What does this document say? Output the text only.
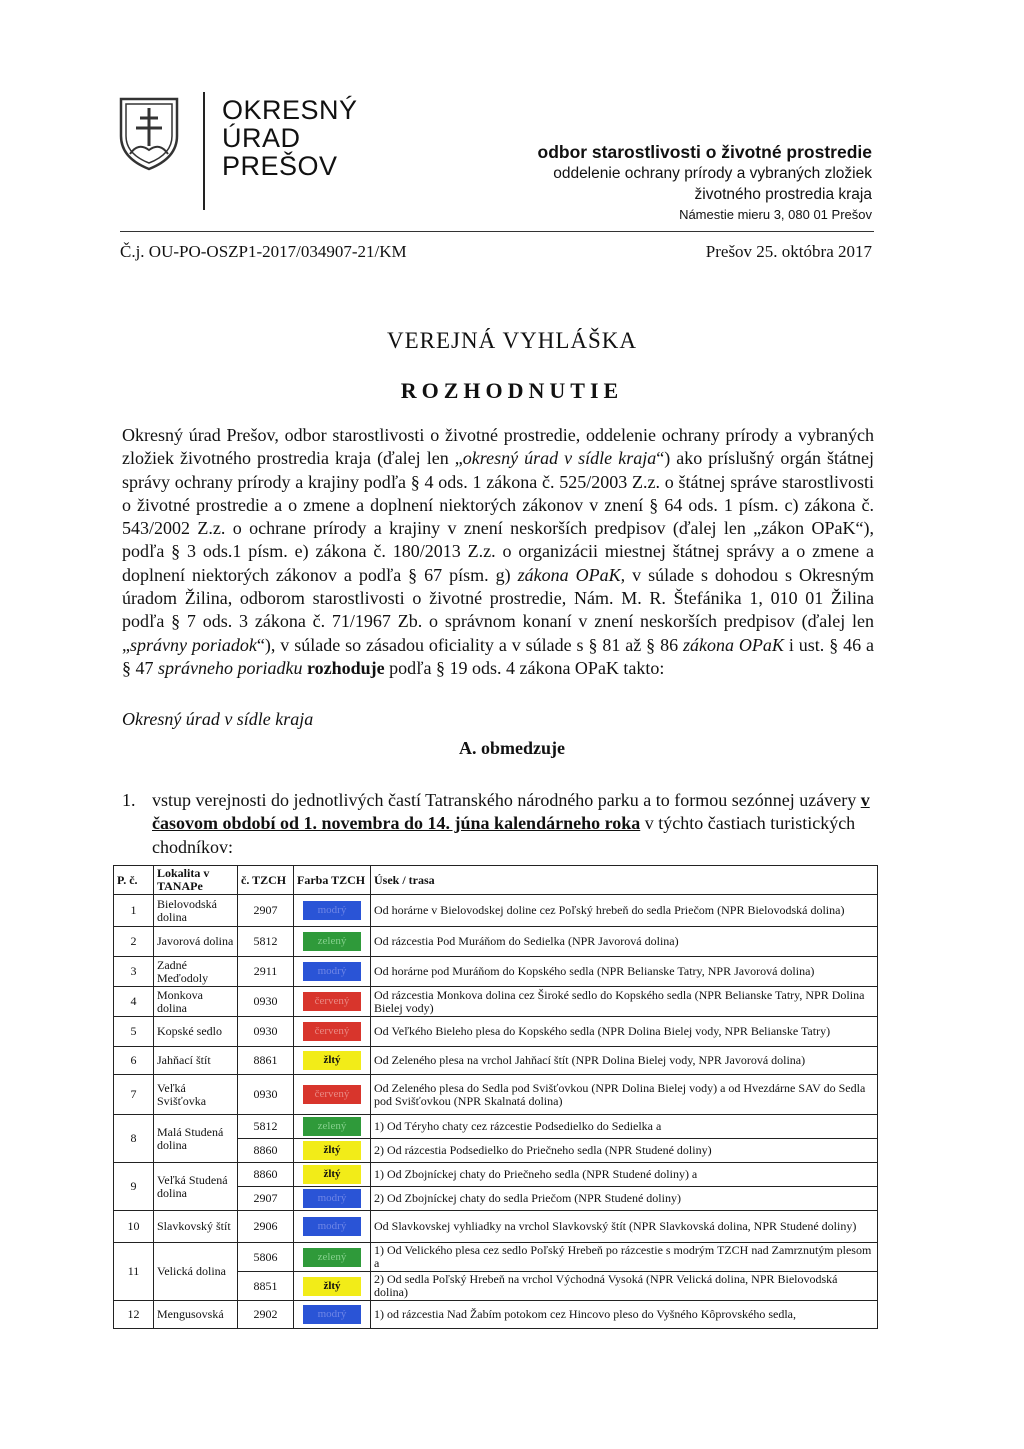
OKRESNÝ
ÚRAD
PREŠOV	odbor starostlivosti o životné prostredie
oddelenie ochrany prírody a vybraných zložiek
životného prostredia kraja
Námestie mieru 3, 080 01 Prešov
Č.j. OU-PO-OSZP1-2017/034907-21/KM	Prešov 25. októbra 2017
VEREJNÁ VYHLÁŠKA
ROZHODNUTIE
Okresný úrad Prešov, odbor starostlivosti o životné prostredie, oddelenie ochrany prírody a vybraných zložiek životného prostredia kraja (ďalej len „okresný úrad v sídle kraja“) ako príslušný orgán štátnej správy ochrany prírody a krajiny podľa § 4 ods. 1 zákona č. 525/2003 Z.z. o štátnej správe starostlivosti o životné prostredie a o zmene a doplnení niektorých zákonov v znení § 64 ods. 1 písm. c) zákona č. 543/2002 Z.z. o ochrane prírody a krajiny v znení neskorších predpisov (ďalej len „zákon OPaK“), podľa § 3 ods.1 písm. e) zákona č. 180/2013 Z.z. o organizácii miestnej štátnej správy a o zmene a doplnení niektorých zákonov a podľa § 67 písm. g) zákona OPaK, v súlade s dohodou s Okresným úradom Žilina, odborom starostlivosti o životné prostredie, Nám. M. R. Štefánika 1, 010 01 Žilina podľa § 7 ods. 3 zákona č. 71/1967 Zb. o správnom konaní v znení neskorších predpisov (ďalej len „správny poriadok“), v súlade so zásadou oficiality a v súlade s § 81 až § 86 zákona OPaK i ust. § 46 a § 47 správneho poriadku rozhoduje podľa § 19 ods. 4 zákona OPaK takto:
Okresný úrad v sídle kraja
A. obmedzuje
1. vstup verejnosti do jednotlivých častí Tatranského národného parku a to formou sezónnej uzávery v časovom období od 1. novembra do 14. júna kalendárneho roka v týchto častiach turistických chodníkov:
P. č.	Lokalita v TANAPe	č. TZCH	Farba TZCH	Úsek / trasa
1	Bielovodská dolina	2907	modrý	Od horárne v Bielovodskej doline cez Poľský hrebeň do sedla Priečom (NPR Bielovodská dolina)
2	Javorová dolina	5812	zelený	Od rázcestia Pod Muráňom do Sedielka (NPR Javorová dolina)
3	Zadné Meďodoly	2911	modrý	Od horárne pod Muráňom do Kopského sedla (NPR Belianske Tatry, NPR Javorová dolina)
4	Monkova dolina	0930	červený	Od rázcestia Monkova dolina cez Široké sedlo do Kopského sedla (NPR Belianske Tatry, NPR Dolina Bielej vody)
5	Kopské sedlo	0930	červený	Od Veľkého Bieleho plesa do Kopského sedla (NPR Dolina Bielej vody, NPR Belianske Tatry)
6	Jahňací štít	8861	žltý	Od Zeleného plesa na vrchol Jahňací štít (NPR Dolina Bielej vody, NPR Javorová dolina)
7	Veľká Svišťovka	0930	červený	Od Zeleného plesa do Sedla pod Svišťovkou (NPR Dolina Bielej vody) a od Hvezdárne SAV do Sedla pod Svišťovkou (NPR Skalnatá dolina)
8	Malá Studená dolina	5812	zelený	1) Od Téryho chaty cez rázcestie Podsedielko do Sedielka a
		8860	žltý	2) Od rázcestia Podsedielko do Priečneho sedla (NPR Studené doliny)
9	Veľká Studená dolina	8860	žltý	1) Od Zbojníckej chaty do Priečneho sedla (NPR Studené doliny) a
		2907	modrý	2) Od Zbojníckej chaty do sedla Priečom (NPR Studené doliny)
10	Slavkovský štít	2906	modrý	Od Slavkovskej vyhliadky na vrchol Slavkovský štít (NPR Slavkovská dolina, NPR Studené doliny)
11	Velická dolina	5806	zelený	1) Od Velického plesa cez sedlo Poľský Hrebeň po rázcestie s modrým TZCH nad Zamrznutým plesom a
		8851	žltý	2) Od sedla Poľský Hrebeň na vrchol Východná Vysoká (NPR Velická dolina, NPR Bielovodská dolina)
12	Mengusovská	2902	modrý	1) od rázcestia Nad Žabím potokom cez Hincovo pleso do Vyšného Kôprovského sedla,
